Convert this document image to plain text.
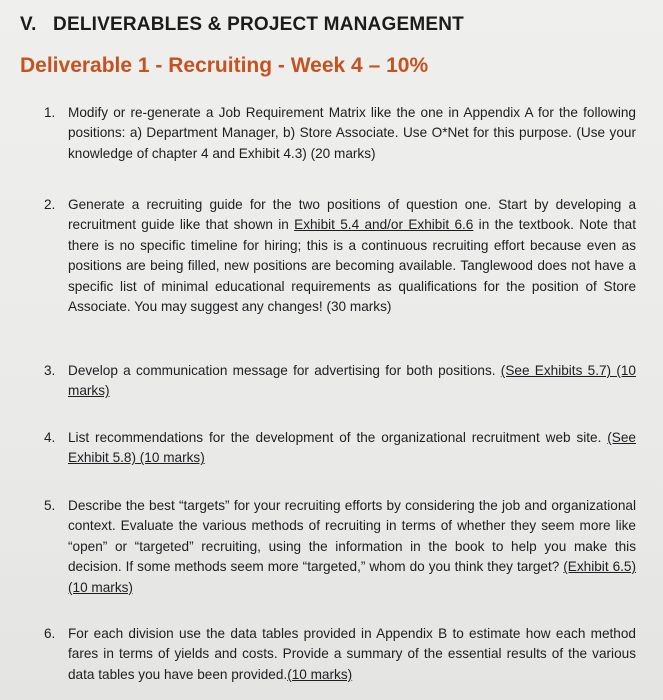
V. DELIVERABLES & PROJECT MANAGEMENT
Deliverable 1 - Recruiting - Week 4 – 10%
1. Modify or re-generate a Job Requirement Matrix like the one in Appendix A for the following positions: a) Department Manager, b) Store Associate. Use O*Net for this purpose. (Use your knowledge of chapter 4 and Exhibit 4.3) (20 marks)
2. Generate a recruiting guide for the two positions of question one. Start by developing a recruitment guide like that shown in Exhibit 5.4 and/or Exhibit 6.6 in the textbook. Note that there is no specific timeline for hiring; this is a continuous recruiting effort because even as positions are being filled, new positions are becoming available. Tanglewood does not have a specific list of minimal educational requirements as qualifications for the position of Store Associate. You may suggest any changes! (30 marks)
3. Develop a communication message for advertising for both positions. (See Exhibits 5.7) (10 marks)
4. List recommendations for the development of the organizational recruitment web site. (See Exhibit 5.8) (10 marks)
5. Describe the best “targets” for your recruiting efforts by considering the job and organizational context. Evaluate the various methods of recruiting in terms of whether they seem more like “open” or “targeted” recruiting, using the information in the book to help you make this decision. If some methods seem more “targeted,” whom do you think they target? (Exhibit 6.5) (10 marks)
6. For each division use the data tables provided in Appendix B to estimate how each method fares in terms of yields and costs. Provide a summary of the essential results of the various data tables you have been provided.(10 marks)
